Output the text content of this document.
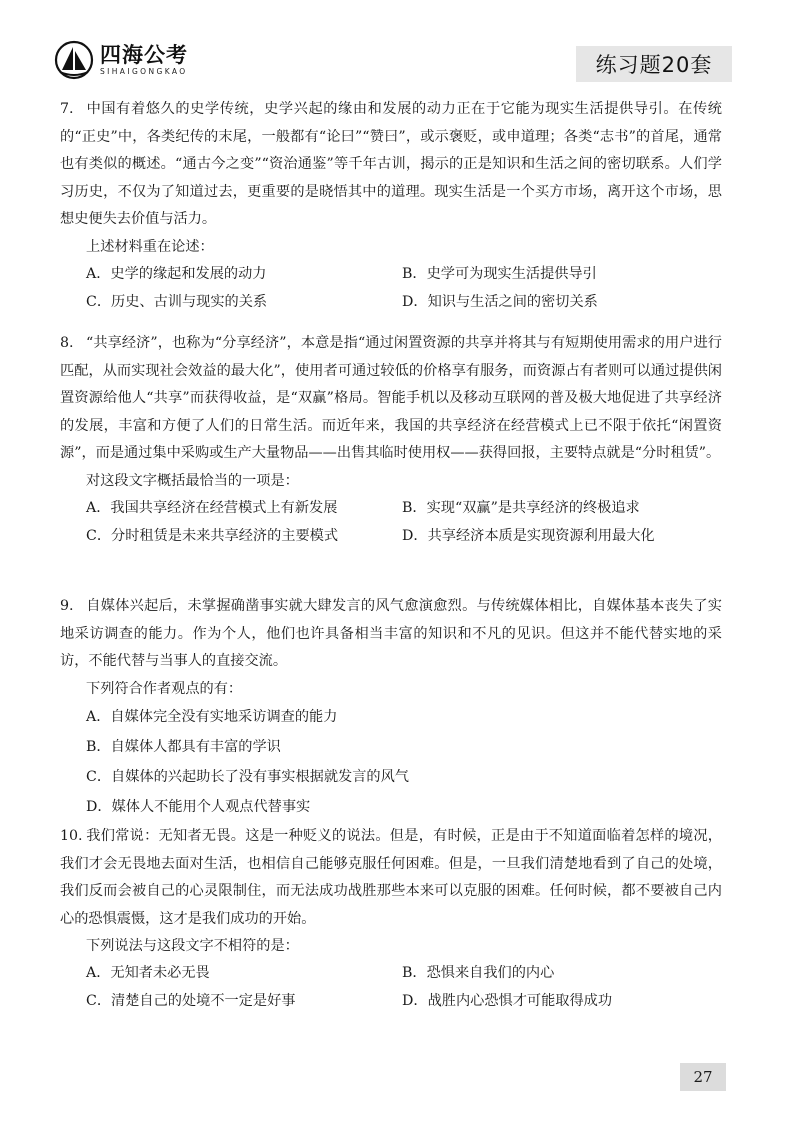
四海公考
SIHAIGONGKAO	练习题20套
7. 中国有着悠久的史学传统，史学兴起的缘由和发展的动力正在于它能为现实生活提供导引。在传统的“正史”中，各类纪传的末尾，一般都有“论曰”“赞曰”，或示褒贬，或申道理；各类“志书”的首尾，通常也有类似的概述。“通古今之变”“资治通鉴”等千年古训，揭示的正是知识和生活之间的密切联系。人们学习历史，不仅为了知道过去，更重要的是晓悟其中的道理。现实生活是一个买方市场，离开这个市场，思想史便失去价值与活力。
上述材料重在论述：
A．史学的缘起和发展的动力	B．史学可为现实生活提供导引
C．历史、古训与现实的关系	D．知识与生活之间的密切关系
8. “共享经济”，也称为“分享经济”，本意是指“通过闲置资源的共享并将其与有短期使用需求的用户进行匹配，从而实现社会效益的最大化”，使用者可通过较低的价格享有服务，而资源占有者则可以通过提供闲置资源给他人“共享”而获得收益，是“双赢”格局。智能手机以及移动互联网的普及极大地促进了共享经济的发展，丰富和方便了人们的日常生活。而近年来，我国的共享经济在经营模式上已不限于依托“闲置资源”，而是通过集中采购或生产大量物品——出售其临时使用权——获得回报，主要特点就是“分时租赁”。
对这段文字概括最恰当的一项是：
A．我国共享经济在经营模式上有新发展	B．实现“双赢”是共享经济的终极追求
C．分时租赁是未来共享经济的主要模式	D．共享经济本质是实现资源利用最大化
9. 自媒体兴起后，未掌握确凿事实就大肆发言的风气愈演愈烈。与传统媒体相比，自媒体基本丧失了实地采访调查的能力。作为个人，他们也许具备相当丰富的知识和不凡的见识。但这并不能代替实地的采访，不能代替与当事人的直接交流。
下列符合作者观点的有：
A．自媒体完全没有实地采访调查的能力
B．自媒体人都具有丰富的学识
C．自媒体的兴起助长了没有事实根据就发言的风气
D．媒体人不能用个人观点代替事实
10. 我们常说：无知者无畏。这是一种贬义的说法。但是，有时候，正是由于不知道面临着怎样的境况，我们才会无畏地去面对生活，也相信自己能够克服任何困难。但是，一旦我们清楚地看到了自己的处境，我们反而会被自己的心灵限制住，而无法成功战胜那些本来可以克服的困难。任何时候，都不要被自己内心的恐惧震慑，这才是我们成功的开始。
下列说法与这段文字不相符的是：
A．无知者未必无畏	B．恐惧来自我们的内心
C．清楚自己的处境不一定是好事	D．战胜内心恐惧才可能取得成功
27
